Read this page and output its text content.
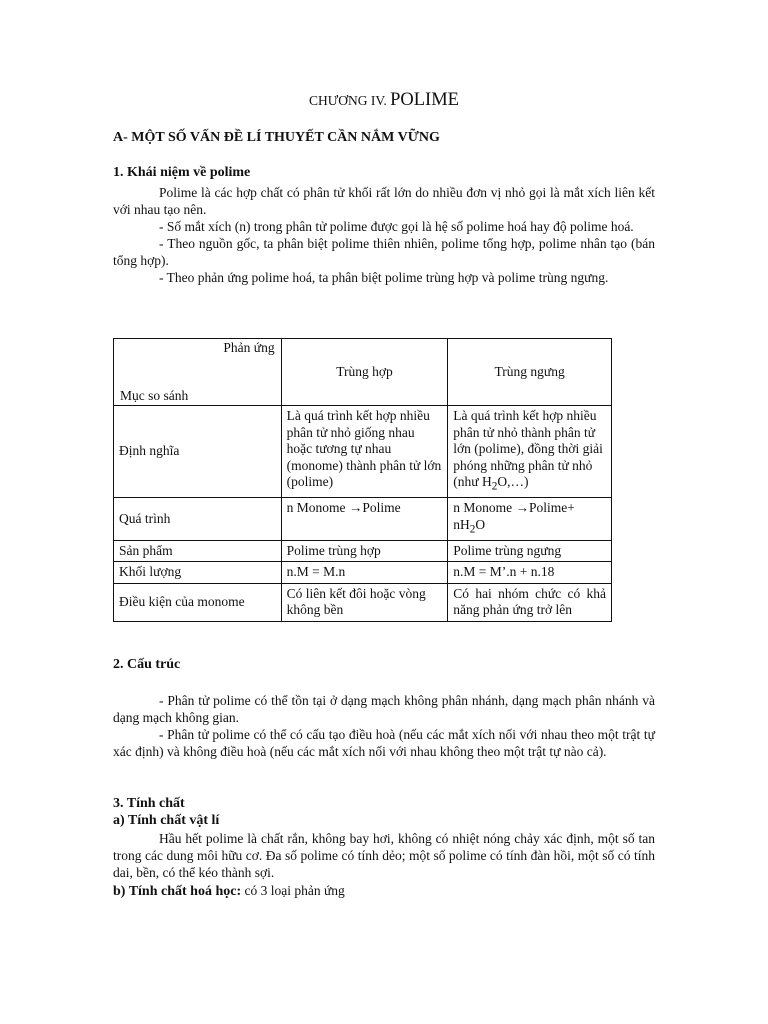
CHƯƠNG IV. POLIME
A- MỘT SỐ VẤN ĐỀ LÍ THUYẾT CẦN NẮM VỮNG
1. Khái niệm về polime
Polime là các hợp chất có phân tử khối rất lớn do nhiều đơn vị nhỏ gọi là mắt xích liên kết với nhau tạo nên.
- Số mắt xích (n) trong phân tử polime được gọi là hệ số polime hoá hay độ polime hoá.
- Theo nguồn gốc, ta phân biệt polime thiên nhiên, polime tổng hợp, polime nhân tạo (bán tổng hợp).
- Theo phản ứng polime hoá, ta phân biệt polime trùng hợp và polime trùng ngưng.
Phản ứng
Mục so sánh	Trùng hợp	Trùng ngưng
Định nghĩa	Là quá trình kết hợp nhiều phân tử nhỏ giống nhau hoặc tương tự nhau (monome) thành phân tử lớn (polime)	Là quá trình kết hợp nhiều phân tử nhỏ thành phân tử lớn (polime), đồng thời giải phóng những phân tử nhỏ (như $H_2O,\dots$)
Quá trình	n Monome →Polime	n Monome $\to Polime+ nH_2O$
Sản phẩm	Polime trùng hợp	Polime trùng ngưng
Khối lượng	n.M = M.n	n.M = M’.n + n.18
Điều kiện của monome	Có liên kết đôi hoặc vòng không bền	Có hai nhóm chức có khả năng phản ứng trở lên
2. Cấu trúc
- Phân tử polime có thể tồn tại ở dạng mạch không phân nhánh, dạng mạch phân nhánh và dạng mạch không gian.
- Phân tử polime có thể có cấu tạo điều hoà (nếu các mắt xích nối với nhau theo một trật tự xác định) và không điều hoà (nếu các mắt xích nối với nhau không theo một trật tự nào cả).
3. Tính chất
a) Tính chất vật lí
Hầu hết polime là chất rắn, không bay hơi, không có nhiệt nóng chảy xác định, một số tan trong các dung môi hữu cơ. Đa số polime có tính dẻo; một số polime có tính đàn hồi, một số có tính dai, bền, có thể kéo thành sợi.
b) Tính chất hoá học: có 3 loại phản ứng
